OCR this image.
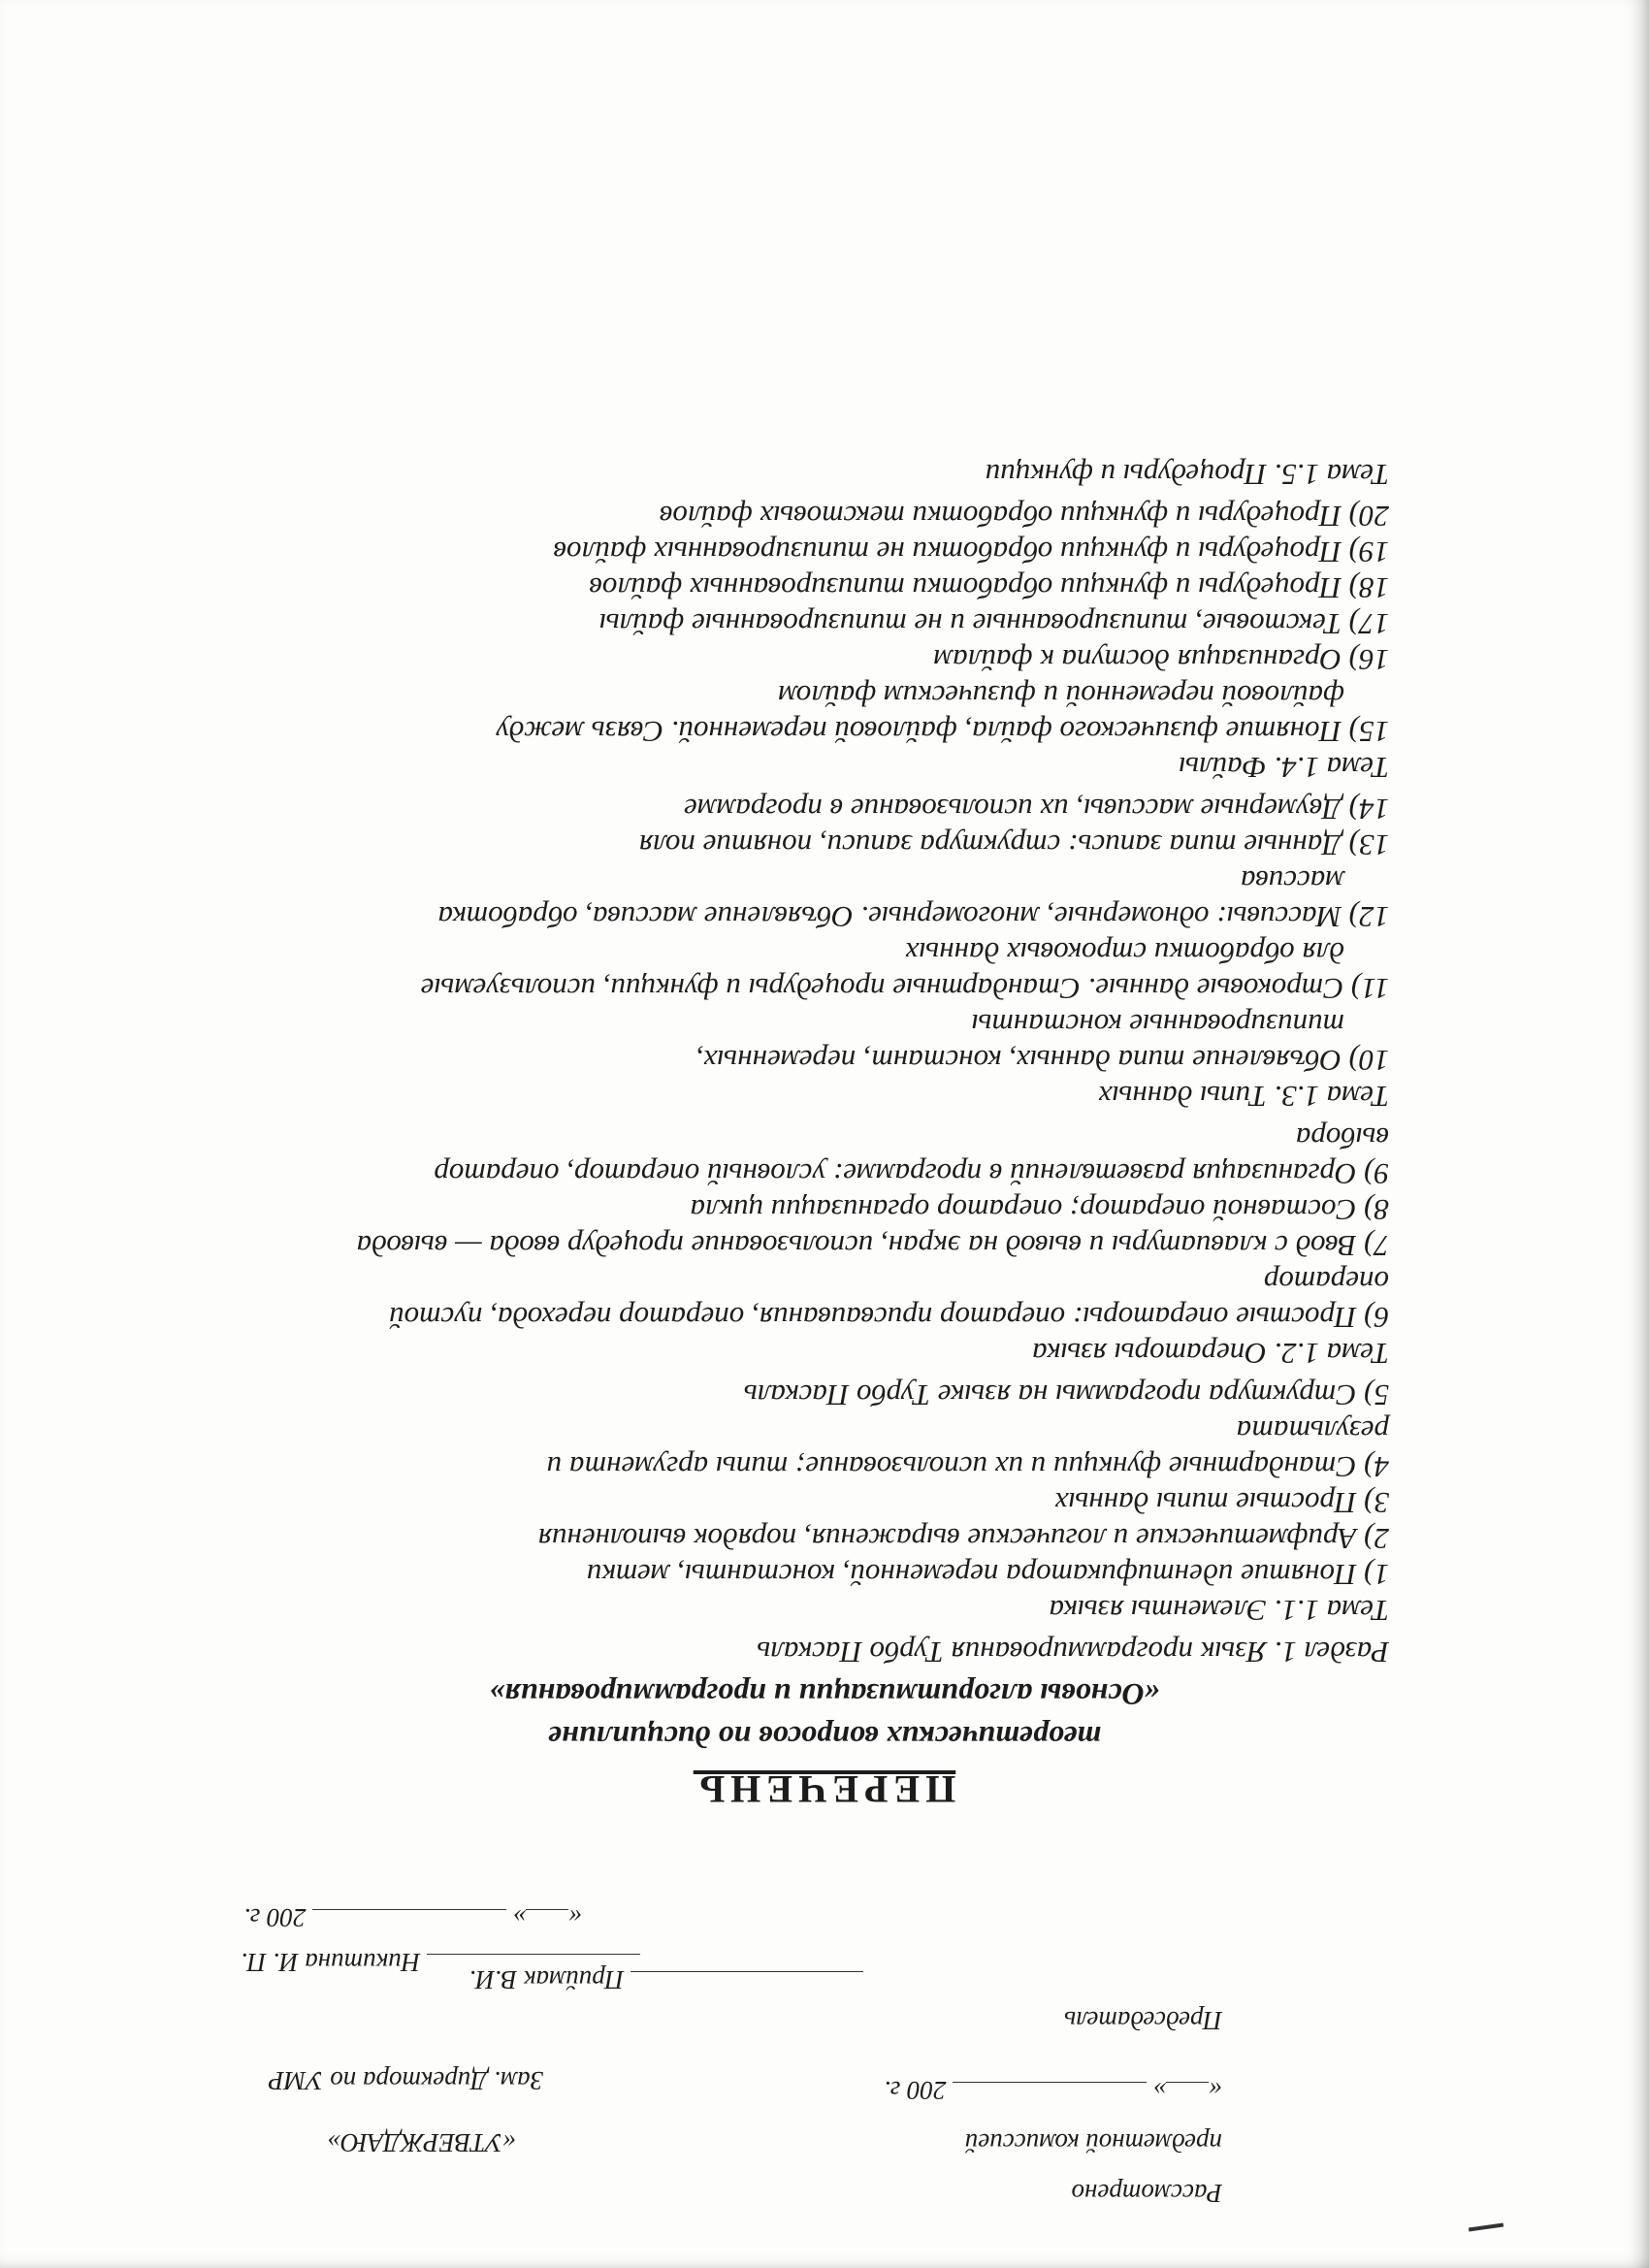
Рассмотрено
предметной комиссией
«»  200 г.
Председатель
Никитина И. П.
«УТВЕРЖДАЮ»
Зам. Директора по УМР
Приймак В.И.
«»  200 г.
ПЕРЕЧЕНЬ
теоретических вопросов по дисциплине
«Основы алгоритмизации и программирования»
Раздел 1. Язык программирования Турбо Паскаль
Тема 1.1. Элементы языка
1) Понятие идентификатора переменной, константы, метки
2) Арифметические и логические выражения, порядок выполнения
3) Простые типы данных
4) Стандартные функции и их использование; типы аргумента и
результата
5) Структура программы на языке Турбо Паскаль
Тема 1.2. Операторы языка
6) Простые операторы: оператор присваивания, оператор перехода, пустой
оператор
7) Ввод с клавиатуры и вывод на экран, использование процедур ввода — вывода
8) Составной оператор; оператор организации цикла
9) Организация разветвлений в программе: условный оператор, оператор
выбора
Тема 1.3. Типы данных
10) Объявление типа данных, констант, переменных,
типизированные константы
11) Строковые данные. Стандартные процедуры и функции, используемые
для обработки строковых данных
12) Массивы: одномерные, многомерные. Объявление массива, обработка
массива
13) Данные типа запись: структура записи, понятие поля
14) Двумерные массивы, их использование в программе
Тема 1.4. Файлы
15) Понятие физического файла, файловой переменной. Связь между
файловой переменной и физическим файлом
16) Организация доступа к файлам
17) Текстовые, типизированные и не типизированные файлы
18) Процедуры и функции обработки типизированных файлов
19) Процедуры и функции обработки не типизированных файлов
20) Процедуры и функции обработки текстовых файлов
Тема 1.5. Процедуры и функции
